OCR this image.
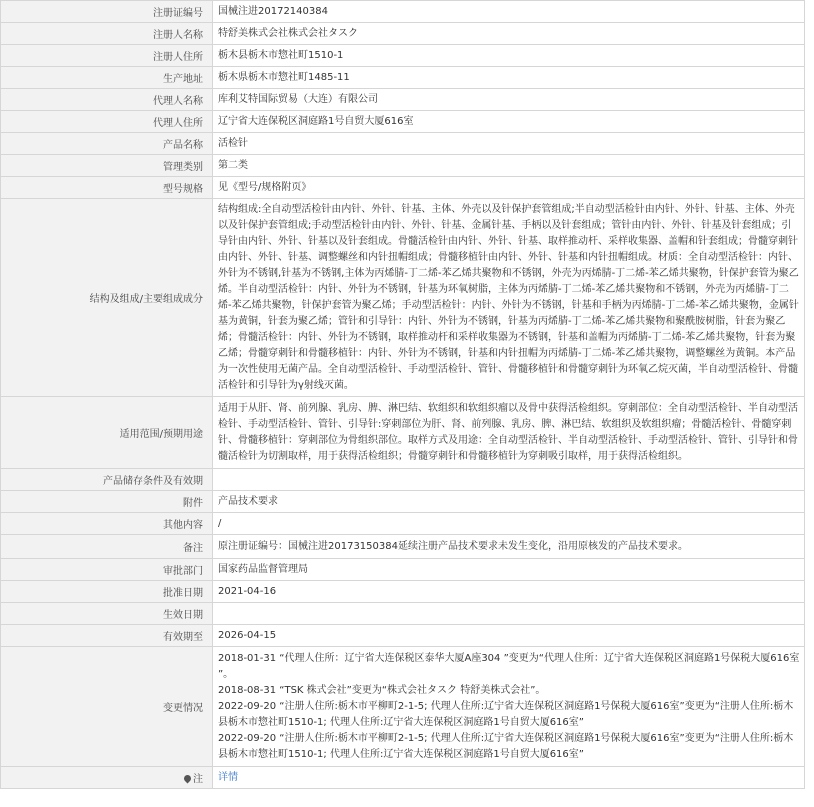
注册证编号	国械注进20172140384
注册人名称	特舒美株式会社株式会社タスク
注册人住所	栃木县栃木市惣社町1510-1
生产地址	栃木県栃木市惣社町1485-11
代理人名称	库利艾特国际贸易（大连）有限公司
代理人住所	辽宁省大连保税区洞庭路1号自贸大厦616室
产品名称	活检针
管理类别	第二类
型号规格	见《型号/规格附页》
结构及组成/主要组成成分	结构组成:全自动型活检针由内针、外针、针基、主体、外壳以及针保护套管组成;半自动型活检针由内针、外针、针基、主体、外壳以及针保护套管组成;手动型活检针由内针、外针、针基、金属针基、手柄以及针套组成；管针由内针、外针、针基及针套组成；引导针由内针、外针、针基以及针套组成。骨髓活检针由内针、外针、针基、取样推动杆、采样收集器、盖帽和针套组成；骨髓穿刺针由内针、外针、针基、调整螺丝和内针扭帽组成；骨髓移植针由内针、外针、针基和内针扭帽组成。材质：全自动型活检针：内针、外针为不锈钢,针基为不锈钢,主体为丙烯腈-丁二烯-苯乙烯共聚物和不锈钢，外壳为丙烯腈-丁二烯-苯乙烯共聚物，针保护套管为聚乙烯。半自动型活检针：内针、外针为不锈钢，针基为环氧树脂，主体为丙烯腈-丁二烯-苯乙烯共聚物和不锈钢，外壳为丙烯腈-丁二烯-苯乙烯共聚物，针保护套管为聚乙烯；手动型活检针：内针、外针为不锈钢，针基和手柄为丙烯腈-丁二烯-苯乙烯共聚物，金属针基为黄铜，针套为聚乙烯；管针和引导针：内针、外针为不锈钢，针基为丙烯腈-丁二烯-苯乙烯共聚物和聚酰胺树脂，针套为聚乙烯；骨髓活检针：内针、外针为不锈钢，取样推动杆和采样收集器为不锈钢，针基和盖帽为丙烯腈-丁二烯-苯乙烯共聚物，针套为聚乙烯；骨髓穿刺针和骨髓移植针：内针、外针为不锈钢，针基和内针扭帽为丙烯腈-丁二烯-苯乙烯共聚物，调整螺丝为黄铜。本产品为一次性使用无菌产品。全自动型活检针、手动型活检针、管针、骨髓移植针和骨髓穿刺针为环氧乙烷灭菌，半自动型活检针、骨髓活检针和引导针为γ射线灭菌。
适用范围/预期用途	适用于从肝、肾、前列腺、乳房、脾、淋巴结、软组织和软组织瘤以及骨中获得活检组织。穿刺部位：全自动型活检针、半自动型活检针、手动型活检针、管针、引导针:穿刺部位为肝、肾、前列腺、乳房、脾、淋巴结、软组织及软组织瘤；骨髓活检针、骨髓穿刺针、骨髓移植针：穿刺部位为骨组织部位。取样方式及用途：全自动型活检针、半自动型活检针、手动型活检针、管针、引导针和骨髓活检针为切割取样，用于获得活检组织；骨髓穿刺针和骨髓移植针为穿刺吸引取样，用于获得活检组织。
产品储存条件及有效期	
附件	产品技术要求
其他内容	/
备注	原注册证编号：国械注进20173150384延续注册产品技术要求未发生变化，沿用原核发的产品技术要求。
审批部门	国家药品监督管理局
批准日期	2021-04-16
生效日期	
有效期至	2026-04-15
变更情况	2018-01-31 “代理人住所：辽宁省大连保税区泰华大厦A座304 ”变更为“代理人住所：辽宁省大连保税区洞庭路1号保税大厦616室 ”。
2018-08-31 “TSK 株式会社”变更为“株式会社タスク 特舒美株式会社”。
2022-09-20 “注册人住所:栃木市平柳町2-1-5; 代理人住所:辽宁省大连保税区洞庭路1号保税大厦616室”变更为“注册人住所:栃木县栃木市惣社町1510-1; 代理人住所:辽宁省大连保税区洞庭路1号自贸大厦616室”
2022-09-20 “注册人住所:栃木市平柳町2-1-5; 代理人住所:辽宁省大连保税区洞庭路1号保税大厦616室”变更为“注册人住所:栃木县栃木市惣社町1510-1; 代理人住所:辽宁省大连保税区洞庭路1号自贸大厦616室”

注	详情
